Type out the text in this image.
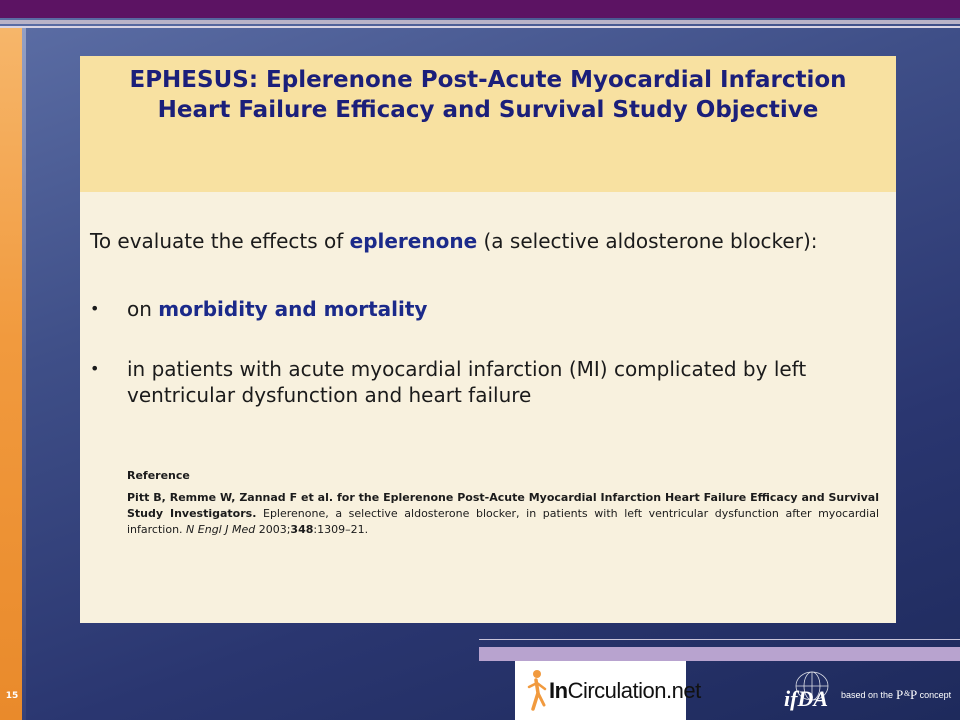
15
EPHESUS: Eplerenone Post-Acute Myocardial Infarction Heart Failure Efficacy and Survival Study Objective

To evaluate the effects of eplerenone (a selective aldosterone blocker):

• on morbidity and mortality

• in patients with acute myocardial infarction (MI) complicated by left ventricular dysfunction and heart failure

Reference

Pitt B, Remme W, Zannad F et al. for the Eplerenone Post-Acute Myocardial Infarction Heart Failure Efficacy and Survival Study Investigators. Eplerenone, a selective aldosterone blocker, in patients with left ventricular dysfunction after myocardial infarction. N Engl J Med 2003;348:1309–21.

InCirculation.net	ifDA based on the P & P concept
